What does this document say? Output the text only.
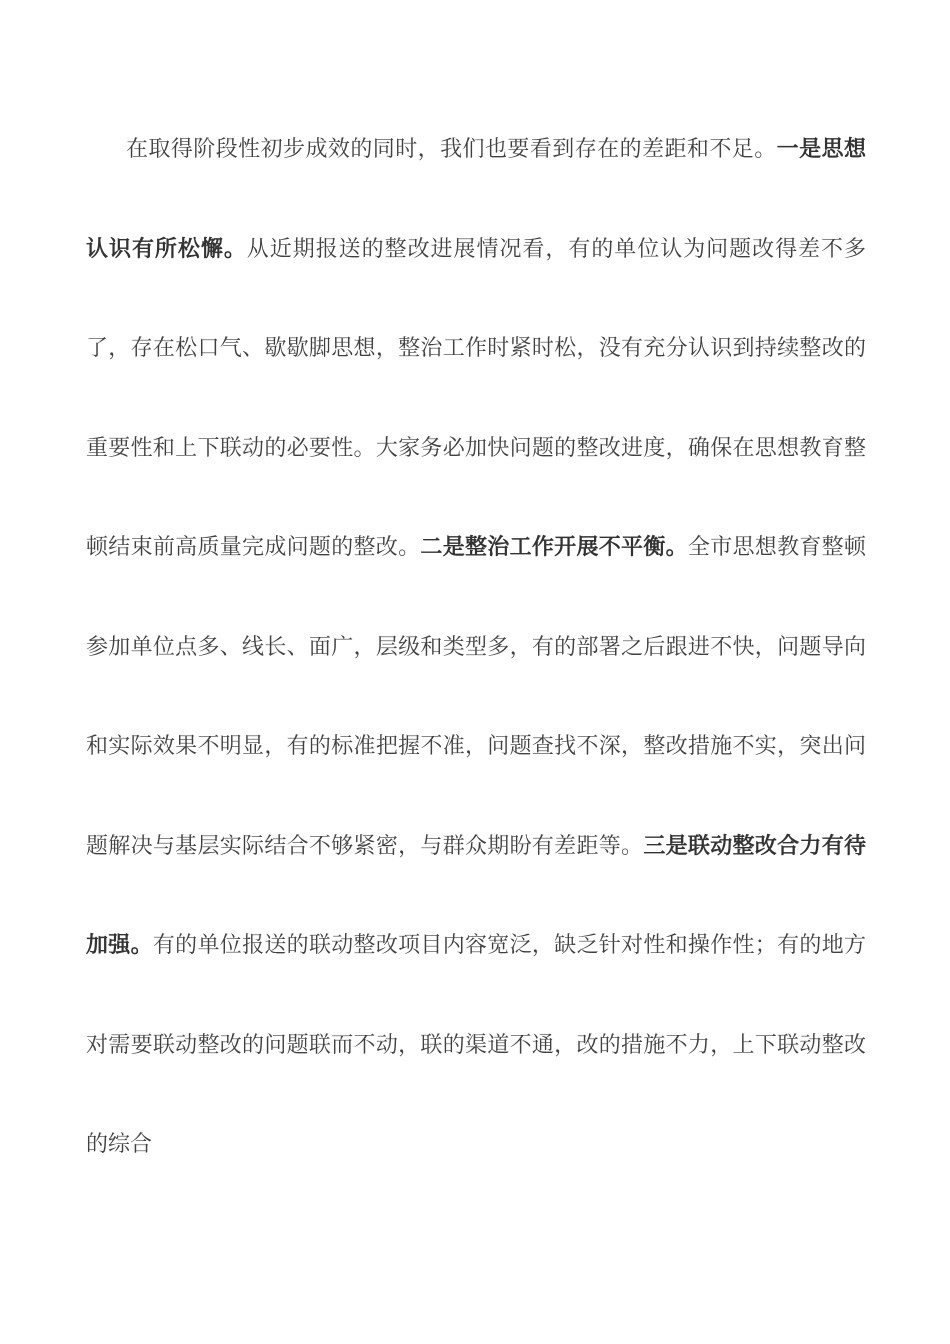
在取得阶段性初步成效的同时，我们也要看到存在的差距和不足。一是思想认识有所松懈。从近期报送的整改进展情况看，有的单位认为问题改得差不多了，存在松口气、歇歇脚思想，整治工作时紧时松，没有充分认识到持续整改的重要性和上下联动的必要性。大家务必加快问题的整改进度，确保在思想教育整顿结束前高质量完成问题的整改。二是整治工作开展不平衡。全市思想教育整顿参加单位点多、线长、面广，层级和类型多，有的部署之后跟进不快，问题导向和实际效果不明显，有的标准把握不准，问题查找不深，整改措施不实，突出问题解决与基层实际结合不够紧密，与群众期盼有差距等。三是联动整改合力有待加强。有的单位报送的联动整改项目内容宽泛，缺乏针对性和操作性；有的地方对需要联动整改的问题联而不动，联的渠道不通，改的措施不力，上下联动整改的综合
